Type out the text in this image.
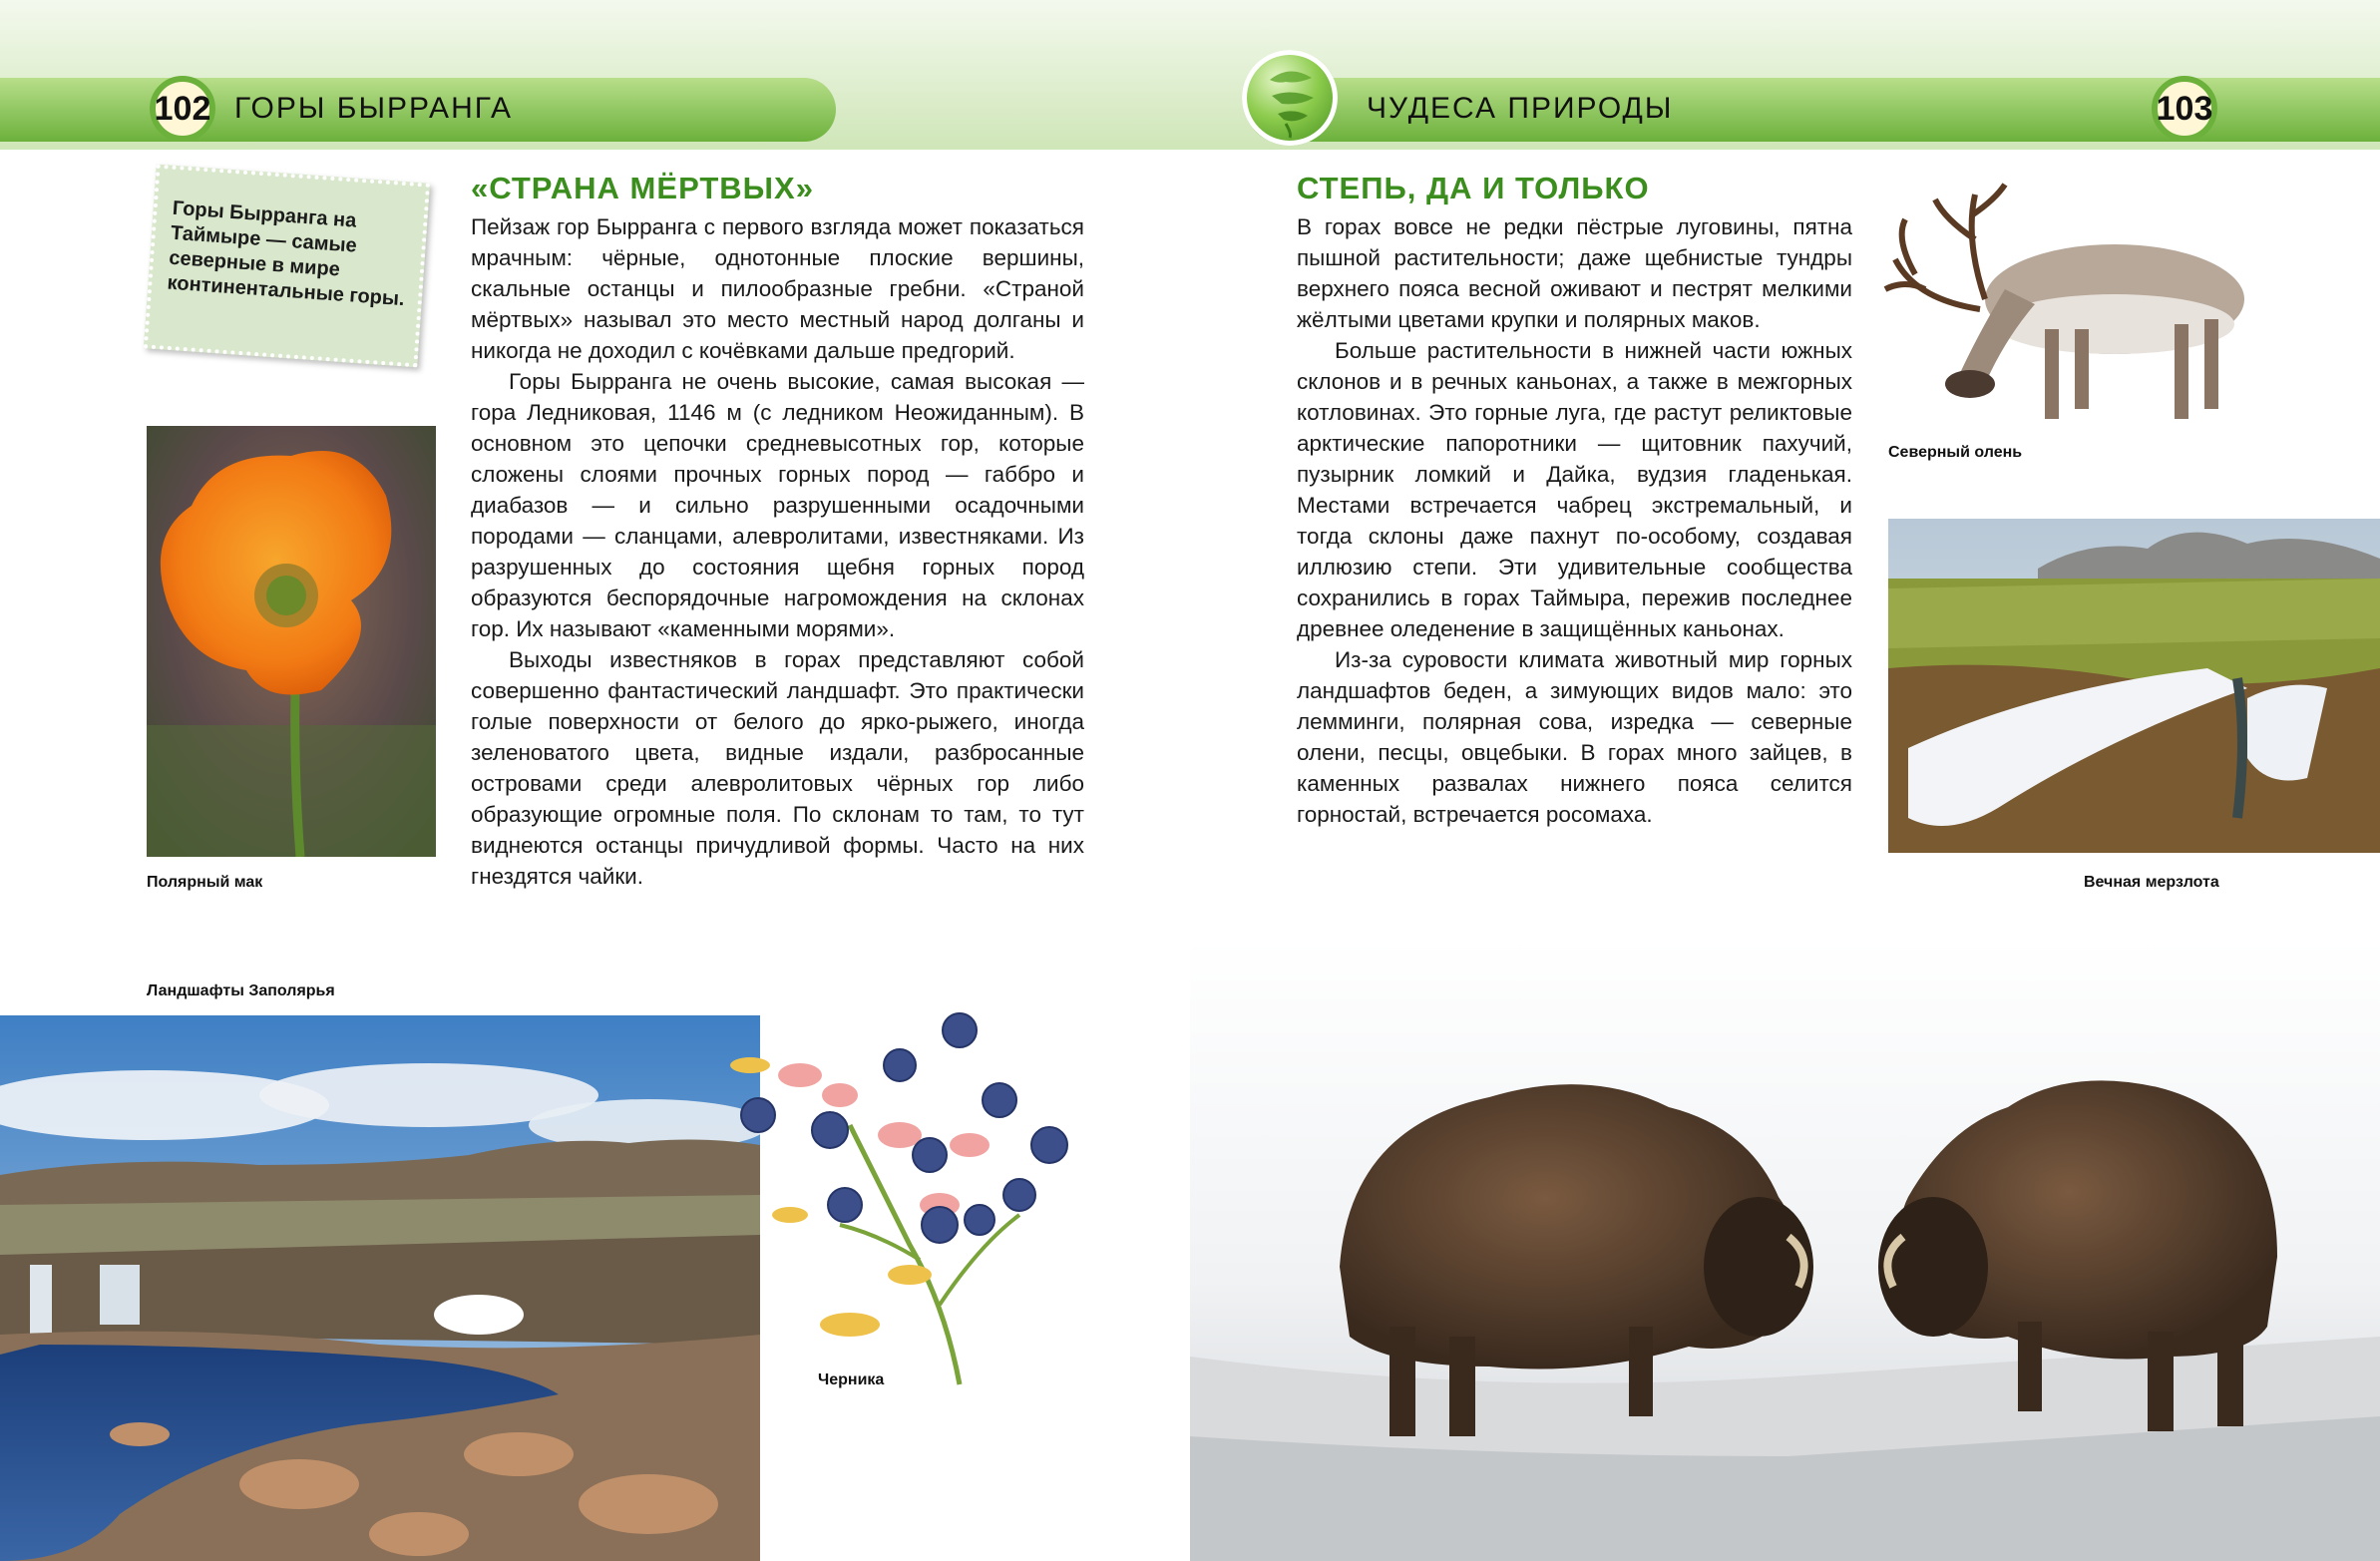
102 ГОРЫ БЫРРАНГА	ЧУДЕСА ПРИРОДЫ	103
Горы Бырранга на Таймыре — самые северные в мире континентальные горы.
«СТРАНА МЁРТВЫХ»

Пейзаж гор Бырранга с первого взгляда может показаться мрачным: чёрные, однотонные плоские вершины, скальные останцы и пилообразные гребни. «Страной мёртвых» называл это место местный народ долганы и никогда не доходил с кочёвками дальше предгорий.

Горы Бырранга не очень высокие, самая высокая — гора Ледниковая, 1146 м (с ледником Неожиданным). В основном это цепочки средневысотных гор, которые сложены слоями прочных горных пород — габбро и диабазов — и сильно разрушенными осадочными породами — сланцами, алевролитами, известняками. Из разрушенных до состояния щебня горных пород образуются беспорядочные нагромождения на склонах гор. Их называют «каменными морями».

Выходы известняков в горах представляют собой совершенно фантастический ландшафт. Это практически голые поверхности от белого до ярко-рыжего, иногда зеленоватого цвета, видные издали, разбросанные островами среди алевролитовых чёрных гор либо образующие огромные поля. По склонам то там, то тут виднеются останцы причудливой формы. Часто на них гнездятся чайки.

Полярный мак
Ландшафты Заполярья
Черника
СТЕПЬ, ДА И ТОЛЬКО

В горах вовсе не редки пёстрые луговины, пятна пышной растительности; даже щебнистые тундры верхнего пояса весной оживают и пестрят мелкими жёлтыми цветами крупки и полярных маков.

Больше растительности в нижней части южных склонов и в речных каньонах, а также в межгорных котловинах. Это горные луга, где растут реликтовые арктические папоротники — щитовник пахучий, пузырник ломкий и Дайка, вудзия гладенькая. Местами встречается чабрец экстремальный, и тогда склоны даже пахнут по-особому, создавая иллюзию степи. Эти удивительные сообщества сохранились в горах Таймыра, пережив последнее древнее оледенение в защищённых каньонах.

Из-за суровости климата животный мир горных ландшафтов беден, а зимующих видов мало: это лемминги, полярная сова, изредка — северные олени, песцы, овцебыки. В горах много зайцев, в каменных развалах нижнего пояса селится горностай, встречается росомаха.

Северный олень
Вечная мерзлота
